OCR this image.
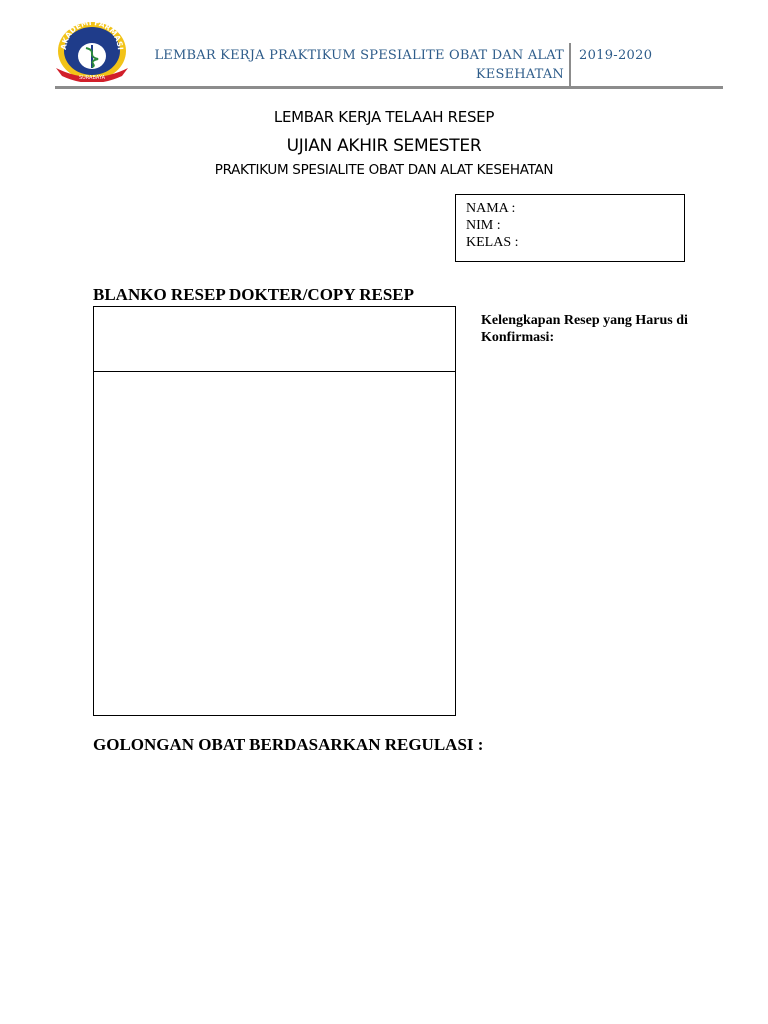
AKADEMI FARMASI
SURABAYA
LEMBAR KERJA PRAKTIKUM SPESIALITE OBAT DAN ALAT
KESEHATAN
2019-2020
LEMBAR KERJA TELAAH RESEP
UJIAN AKHIR SEMESTER
PRAKTIKUM SPESIALITE OBAT DAN ALAT KESEHATAN
NAMA :
NIM :
KELAS :
BLANKO RESEP DOKTER/COPY RESEP
Kelengkapan Resep yang Harus di Konfirmasi:
GOLONGAN OBAT BERDASARKAN REGULASI :
